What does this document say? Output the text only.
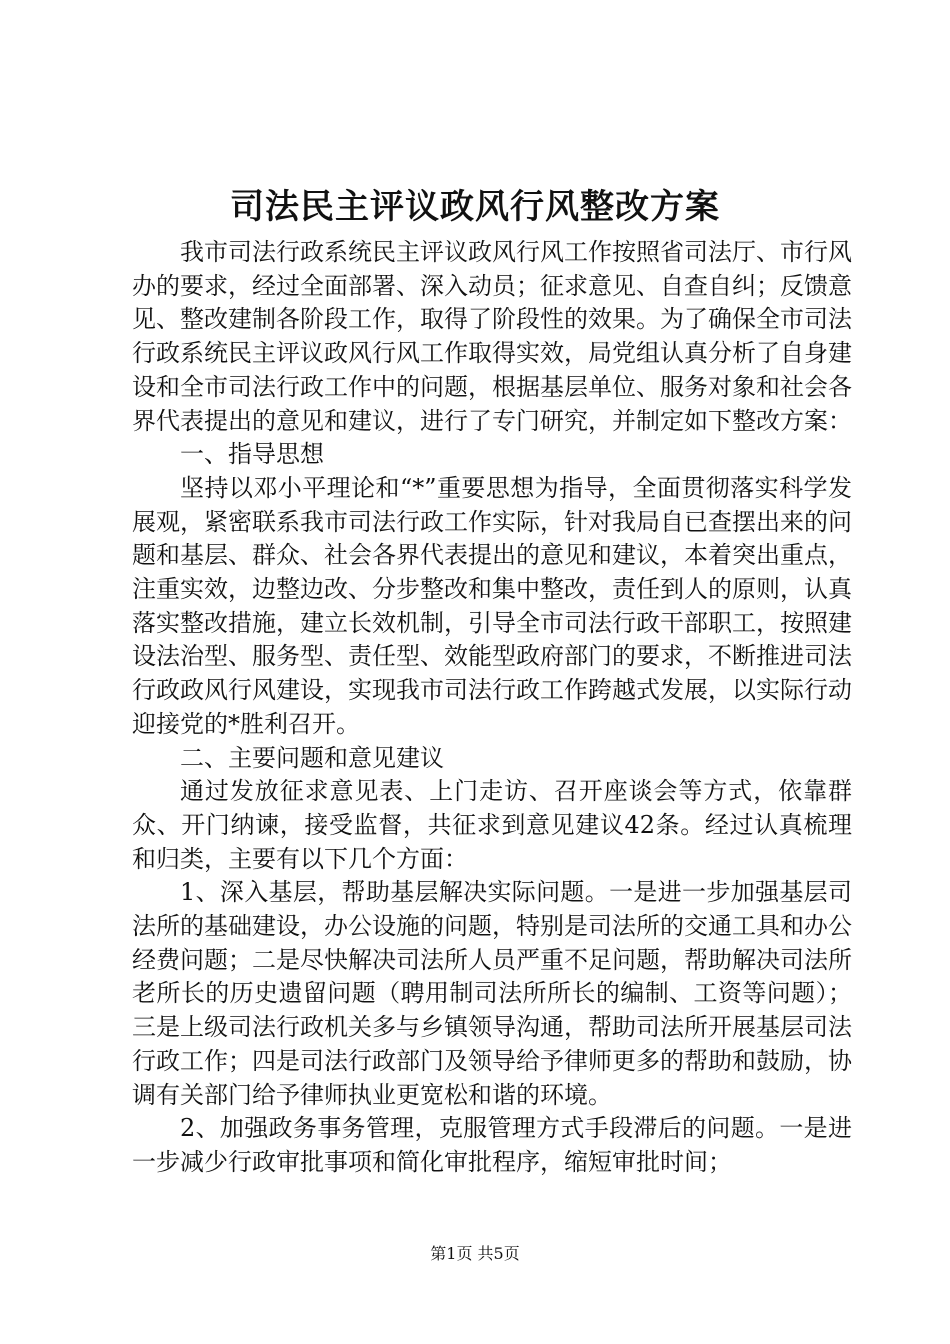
司法民主评议政风行风整改方案

我市司法行政系统民主评议政风行风工作按照省司法厅、市行风办的要求，经过全面部署、深入动员；征求意见、自查自纠；反馈意见、整改建制各阶段工作，取得了阶段性的效果。为了确保全市司法行政系统民主评议政风行风工作取得实效，局党组认真分析了自身建设和全市司法行政工作中的问题，根据基层单位、服务对象和社会各界代表提出的意见和建议，进行了专门研究，并制定如下整改方案：

一、指导思想

坚持以邓小平理论和“*”重要思想为指导，全面贯彻落实科学发展观，紧密联系我市司法行政工作实际，针对我局自已查摆出来的问题和基层、群众、社会各界代表提出的意见和建议，本着突出重点，注重实效，边整边改、分步整改和集中整改，责任到人的原则，认真落实整改措施，建立长效机制，引导全市司法行政干部职工，按照建设法治型、服务型、责任型、效能型政府部门的要求，不断推进司法行政政风行风建设，实现我市司法行政工作跨越式发展，以实际行动迎接党的*胜利召开。

二、主要问题和意见建议

通过发放征求意见表、上门走访、召开座谈会等方式，依靠群众、开门纳谏，接受监督，共征求到意见建议42条。经过认真梳理和归类，主要有以下几个方面：

1、深入基层，帮助基层解决实际问题。一是进一步加强基层司法所的基础建设，办公设施的问题，特别是司法所的交通工具和办公经费问题；二是尽快解决司法所人员严重不足问题，帮助解决司法所老所长的历史遗留问题（聘用制司法所所长的编制、工资等问题）；三是上级司法行政机关多与乡镇领导沟通，帮助司法所开展基层司法行政工作；四是司法行政部门及领导给予律师更多的帮助和鼓励，协调有关部门给予律师执业更宽松和谐的环境。

2、加强政务事务管理，克服管理方式手段滞后的问题。一是进一步减少行政审批事项和简化审批程序，缩短审批时间；

第1页 共5页
